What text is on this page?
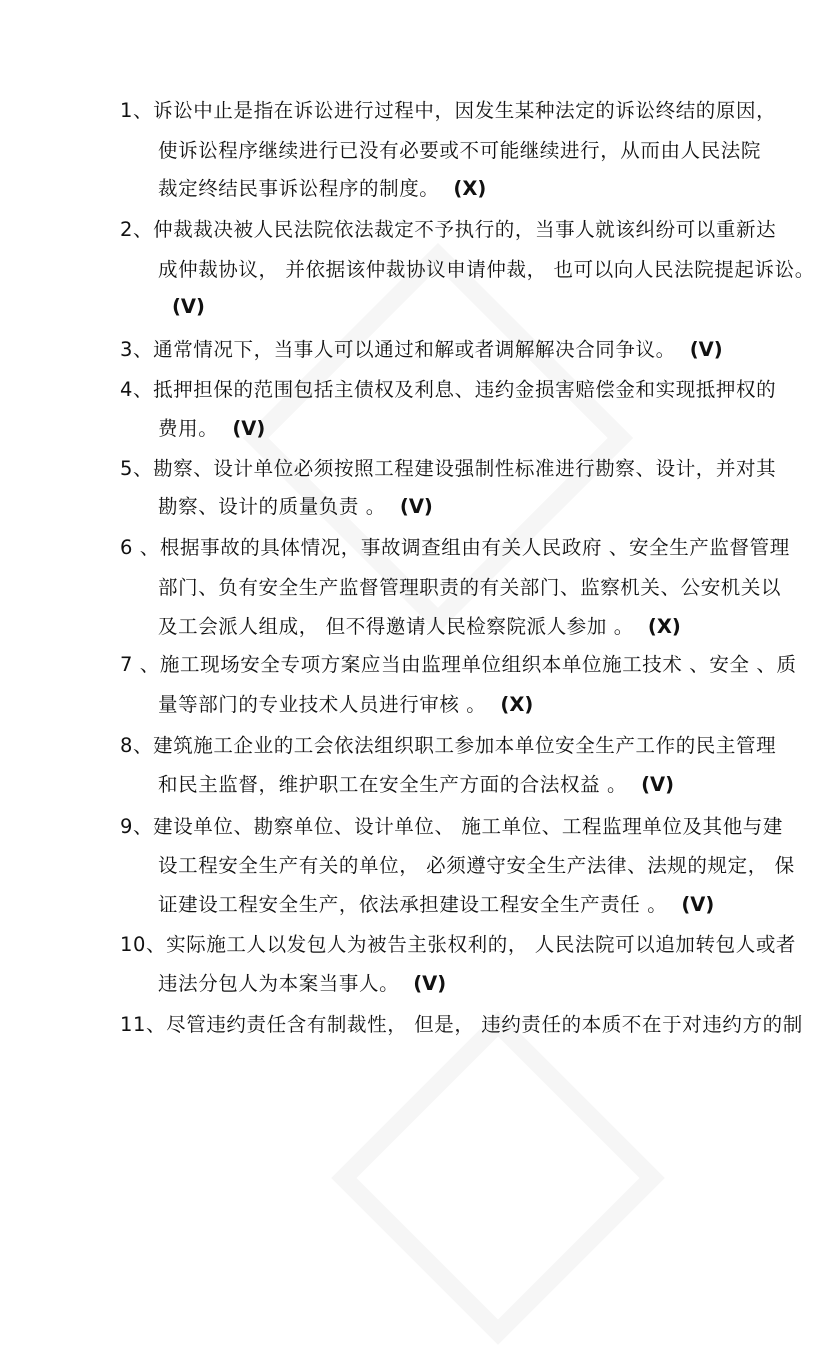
1、诉讼中止是指在诉讼进行过程中，因发生某种法定的诉讼终结的原因，
使诉讼程序继续进行已没有必要或不可能继续进行，从而由人民法院
裁定终结民事诉讼程序的制度。 (X)
2、仲裁裁决被人民法院依法裁定不予执行的，当事人就该纠纷可以重新达
成仲裁协议， 并依据该仲裁协议申请仲裁， 也可以向人民法院提起诉讼。
(V)
3、通常情况下，当事人可以通过和解或者调解解决合同争议。 (V)
4、抵押担保的范围包括主债权及利息、违约金损害赔偿金和实现抵押权的
费用。 (V)
5、勘察、设计单位必须按照工程建设强制性标准进行勘察、设计，并对其
勘察、设计的质量负责 。 (V)
6 、根据事故的具体情况，事故调查组由有关人民政府 、安全生产监督管理
部门、负有安全生产监督管理职责的有关部门、监察机关、公安机关以
及工会派人组成， 但不得邀请人民检察院派人参加 。 (X)
7 、施工现场安全专项方案应当由监理单位组织本单位施工技术 、安全 、质
量等部门的专业技术人员进行审核 。 (X)
8、建筑施工企业的工会依法组织职工参加本单位安全生产工作的民主管理
和民主监督，维护职工在安全生产方面的合法权益 。 (V)
9、建设单位、勘察单位、设计单位、 施工单位、工程监理单位及其他与建
设工程安全生产有关的单位， 必须遵守安全生产法律、法规的规定， 保
证建设工程安全生产，依法承担建设工程安全生产责任 。 (V)
10、实际施工人以发包人为被告主张权利的， 人民法院可以追加转包人或者
违法分包人为本案当事人。 (V)
11、尽管违约责任含有制裁性， 但是， 违约责任的本质不在于对违约方的制
